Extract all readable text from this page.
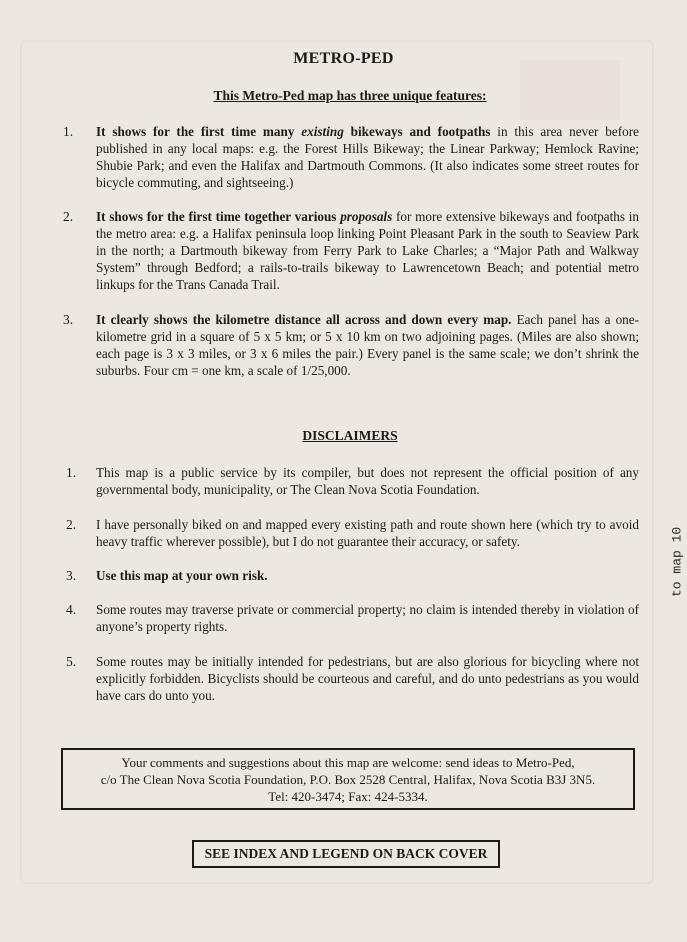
METRO-PED
This Metro-Ped map has three unique features:
1. It shows for the first time many existing bikeways and footpaths in this area never before published in any local maps: e.g. the Forest Hills Bikeway; the Linear Parkway; Hemlock Ravine; Shubie Park; and even the Halifax and Dartmouth Commons. (It also indicates some street routes for bicycle commuting, and sightseeing.)
2. It shows for the first time together various proposals for more extensive bikeways and footpaths in the metro area: e.g. a Halifax peninsula loop linking Point Pleasant Park in the south to Seaview Park in the north; a Dartmouth bikeway from Ferry Park to Lake Charles; a “Major Path and Walkway System” through Bedford; a rails-to-trails bikeway to Lawrencetown Beach; and potential metro linkups for the Trans Canada Trail.
3. It clearly shows the kilometre distance all across and down every map. Each panel has a one-kilometre grid in a square of 5 x 5 km; or 5 x 10 km on two adjoining pages. (Miles are also shown; each page is 3 x 3 miles, or 3 x 6 miles the pair.) Every panel is the same scale; we don’t shrink the suburbs. Four cm = one km, a scale of 1/25,000.
DISCLAIMERS
1. This map is a public service by its compiler, but does not represent the official position of any governmental body, municipality, or The Clean Nova Scotia Foundation.
2. I have personally biked on and mapped every existing path and route shown here (which try to avoid heavy traffic wherever possible), but I do not guarantee their accuracy, or safety.
3. Use this map at your own risk.
4. Some routes may traverse private or commercial property; no claim is intended thereby in violation of anyone’s property rights.
5. Some routes may be initially intended for pedestrians, but are also glorious for bicycling where not explicitly forbidden. Bicyclists should be courteous and careful, and do unto pedestrians as you would have cars do unto you.
Your comments and suggestions about this map are welcome: send ideas to Metro-Ped,
c/o The Clean Nova Scotia Foundation, P.O. Box 2528 Central, Halifax, Nova Scotia B3J 3N5.
Tel: 420-3474; Fax: 424-5334.
SEE INDEX AND LEGEND ON BACK COVER
to map 10
